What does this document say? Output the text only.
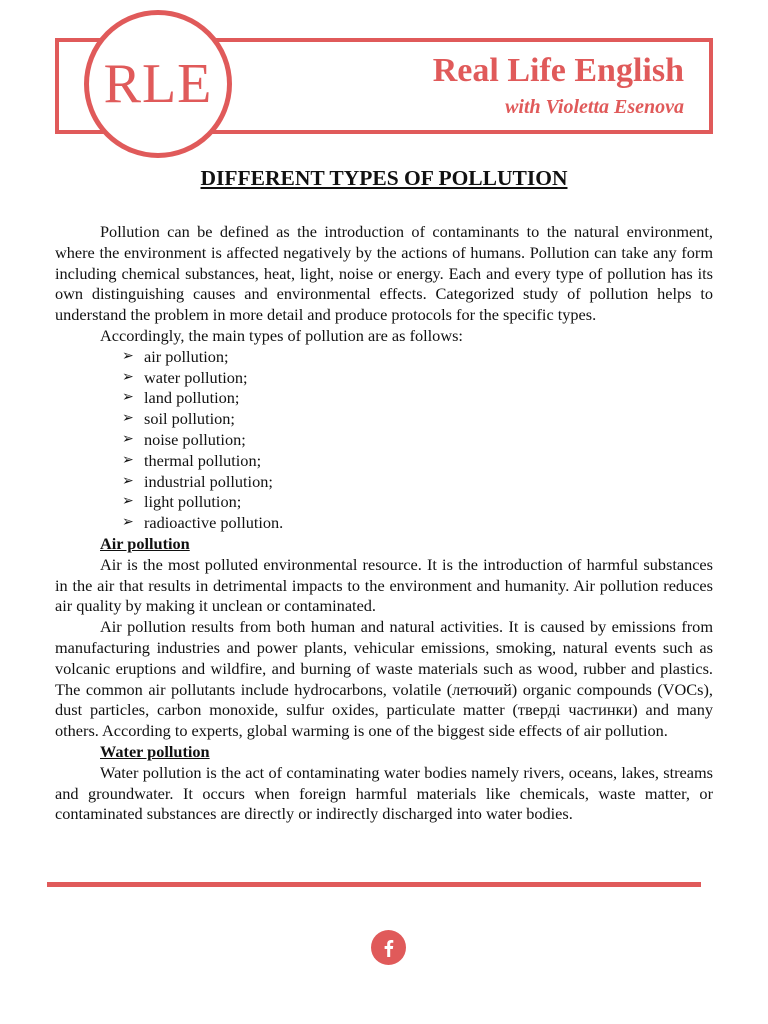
RLE	Real Life English
with Violetta Esenova
DIFFERENT TYPES OF POLLUTION

Pollution can be defined as the introduction of contaminants to the natural environment, where the environment is affected negatively by the actions of humans. Pollution can take any form including chemical substances, heat, light, noise or energy. Each and every type of pollution has its own distinguishing causes and environmental effects. Categorized study of pollution helps to understand the problem in more detail and produce protocols for the specific types.

Accordingly, the main types of pollution are as follows:

➢ air pollution;
➢ water pollution;
➢ land pollution;
➢ soil pollution;
➢ noise pollution;
➢ thermal pollution;
➢ industrial pollution;
➢ light pollution;
➢ radioactive pollution.

Air pollution

Air is the most polluted environmental resource. It is the introduction of harmful substances in the air that results in detrimental impacts to the environment and humanity. Air pollution reduces air quality by making it unclean or contaminated.

Air pollution results from both human and natural activities. It is caused by emissions from manufacturing industries and power plants, vehicular emissions, smoking, natural events such as volcanic eruptions and wildfire, and burning of waste materials such as wood, rubber and plastics. The common air pollutants include hydrocarbons, volatile (летючий) organic compounds (VOCs), dust particles, carbon monoxide, sulfur oxides, particulate matter (тверді частинки) and many others. According to experts, global warming is one of the biggest side effects of air pollution.

Water pollution

Water pollution is the act of contaminating water bodies namely rivers, oceans, lakes, streams and groundwater. It occurs when foreign harmful materials like chemicals, waste matter, or contaminated substances are directly or indirectly discharged into water bodies.
